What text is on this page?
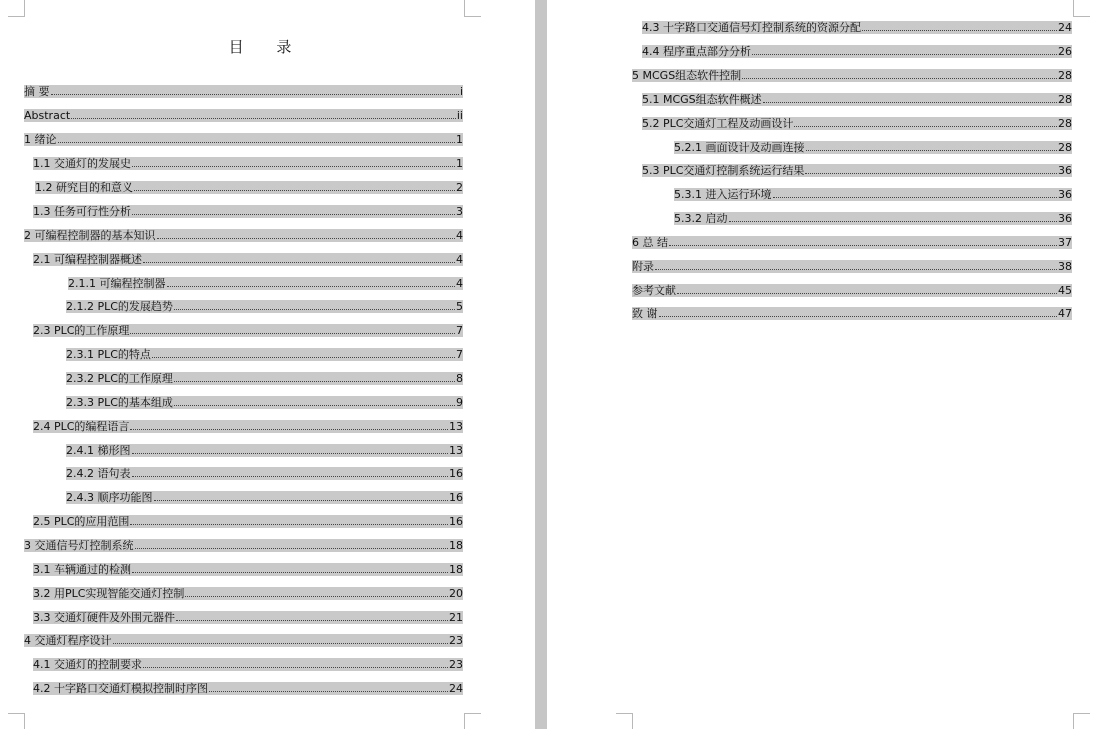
目 录
摘 要	i
Abstract	ii
1 绪论	1
1.1 交通灯的发展史	1
1.2 研究目的和意义	2
1.3 任务可行性分析	3
2 可编程控制器的基本知识	4
2.1 可编程控制器概述	4
2.1.1 可编程控制器	4
2.1.2 PLC的发展趋势	5
2.3 PLC的工作原理	7
2.3.1 PLC的特点	7
2.3.2 PLC的工作原理	8
2.3.3 PLC的基本组成	9
2.4 PLC的编程语言	13
2.4.1 梯形图	13
2.4.2 语句表	16
2.4.3 顺序功能图	16
2.5 PLC的应用范围	16
3 交通信号灯控制系统	18
3.1 车辆通过的检测	18
3.2 用PLC实现智能交通灯控制	20
3.3 交通灯硬件及外围元器件	21
4 交通灯程序设计	23
4.1 交通灯的控制要求	23
4.2 十字路口交通灯模拟控制时序图	24
4.3 十字路口交通信号灯控制系统的资源分配	24
4.4 程序重点部分分析	26
5 MCGS组态软件控制	28
5.1 MCGS组态软件概述	28
5.2 PLC交通灯工程及动画设计	28
5.2.1 画面设计及动画连接	28
5.3 PLC交通灯控制系统运行结果	36
5.3.1 进入运行环境	36
5.3.2 启动	36
6 总 结	37
附录	38
参考文献	45
致 谢	47
